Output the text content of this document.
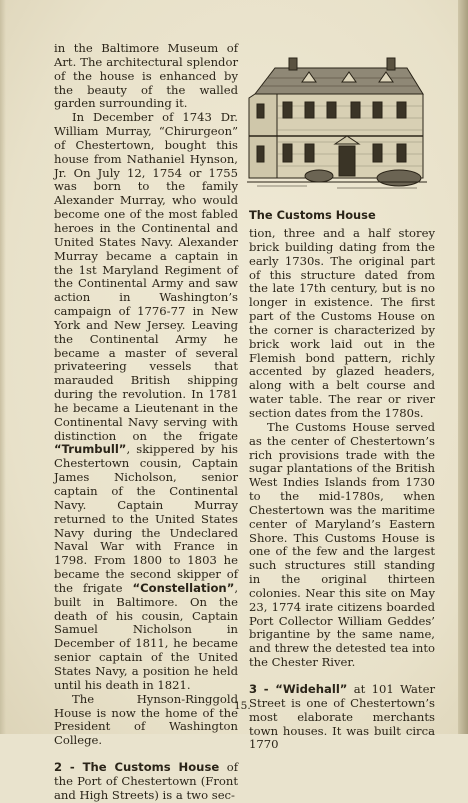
in the Baltimore Museum of Art. The architectural splendor of the house is enhanced by the beauty of the walled garden surrounding it.

In December of 1743 Dr. William Murray, “Chirurgeon” of Chestertown, bought this house from Nathaniel Hynson, Jr. On July 12, 1754 or 1755 was born to the family Alexander Murray, who would become one of the most fabled heroes in the Continental and United States Navy. Alexander Murray became a captain in the 1st Maryland Regiment of the Continental Army and saw action in Washington’s campaign of 1776-77 in New York and New Jersey. Leaving the Continental Army he became a master of several privateering vessels that marauded British shipping during the revolution. In 1781 he became a Lieutenant in the Continental Navy serving with distinction on the frigate “Trumbull”, skippered by his Chestertown cousin, Captain James Nicholson, senior captain of the Continental Navy. Captain Murray returned to the United States Navy during the Undeclared Naval War with France in 1798. From 1800 to 1803 he became the second skipper of the frigate “Constellation”, built in Baltimore. On the death of his cousin, Captain Samuel Nicholson in December of 1811, he became senior captain of the United States Navy, a position he held until his death in 1821.

The Hynson-Ringgold House is now the home of the President of Washington College.

2 - The Customs House of the Port of Chestertown (Front and High Streets) is a two sec-

The Customs House

tion, three and a half storey brick building dating from the early 1730s. The original part of this structure dated from the late 17th century, but is no longer in existence. The first part of the Customs House on the corner is characterized by brick work laid out in the Flemish bond pattern, richly accented by glazed headers, along with a belt course and water table. The rear or river section dates from the 1780s.

The Customs House served as the center of Chestertown’s rich provisions trade with the sugar plantations of the British West Indies Islands from 1730 to the mid-1780s, when Chestertown was the maritime center of Maryland’s Eastern Shore. This Customs House is one of the few and the largest such structures still standing in the original thirteen colonies. Near this site on May 23, 1774 irate citizens boarded Port Collector William Geddes’ brigantine by the same name, and threw the detested tea into the Chester River.

3 - “Widehall” at 101 Water Street is one of Chestertown’s most elaborate merchants town houses. It was built circa 1770

15.
